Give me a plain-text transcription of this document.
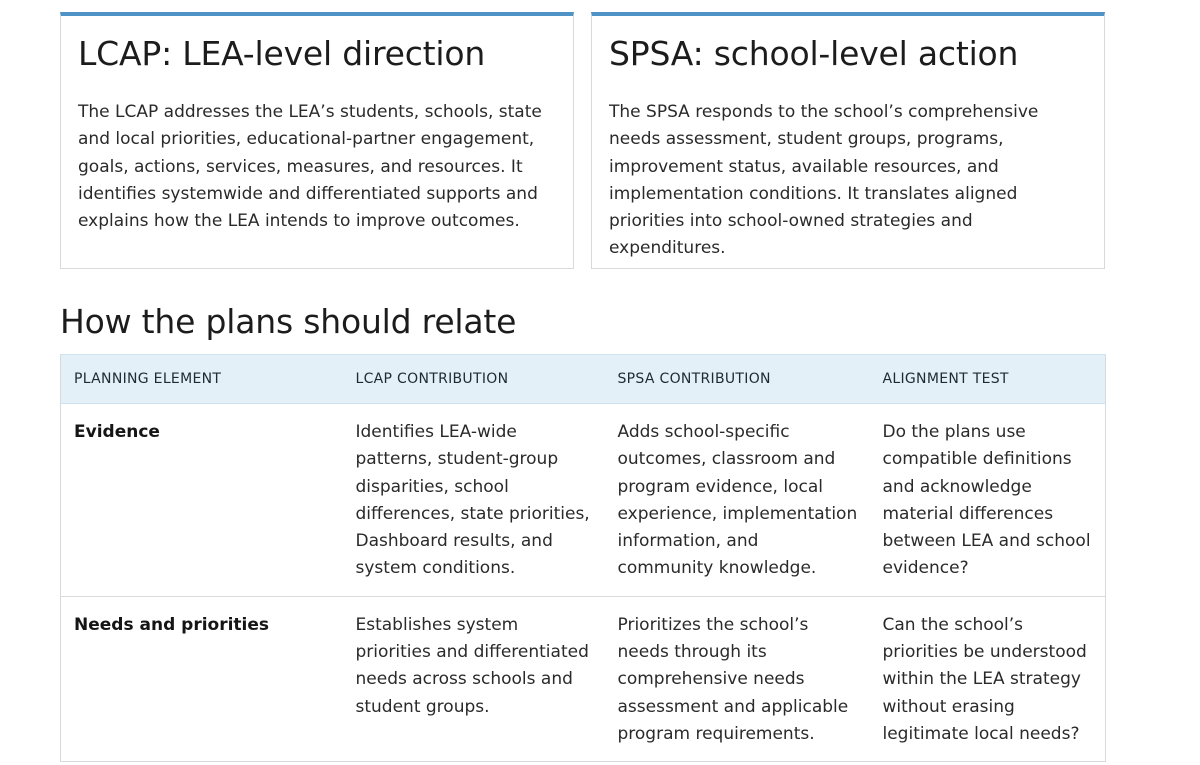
LCAP: LEA-level direction

The LCAP addresses the LEA’s students, schools, state and local priorities, educational-partner engagement, goals, actions, services, measures, and resources. It identifies systemwide and differentiated supports and explains how the LEA intends to improve outcomes.

SPSA: school-level action

The SPSA responds to the school’s comprehensive needs assessment, student groups, programs, improvement status, available resources, and implementation conditions. It translates aligned priorities into school-owned strategies and expenditures.

How the plans should relate
PLANNING ELEMENT	LCAP CONTRIBUTION	SPSA CONTRIBUTION	ALIGNMENT TEST
Evidence	Identifies LEA-wide patterns, student-group disparities, school differences, state priorities, Dashboard results, and system conditions.	Adds school-specific outcomes, classroom and program evidence, local experience, implementation information, and community knowledge.	Do the plans use compatible definitions and acknowledge material differences between LEA and school evidence?
Needs and priorities	Establishes system priorities and differentiated needs across schools and student groups.	Prioritizes the school’s needs through its comprehensive needs assessment and applicable program requirements.	Can the school’s priorities be understood within the LEA strategy without erasing legitimate local needs?
